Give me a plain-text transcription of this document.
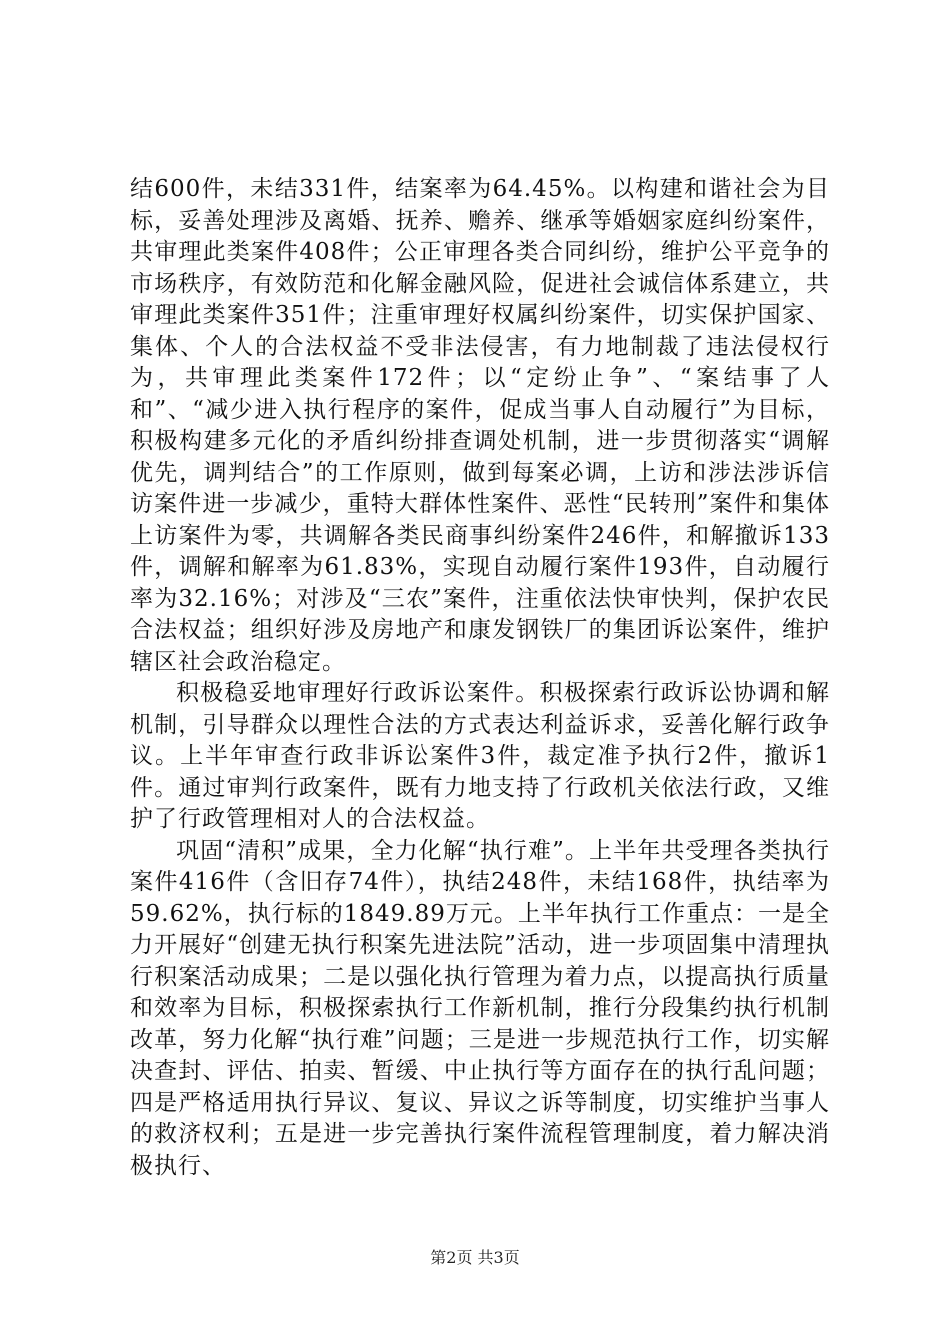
结600件，未结331件，结案率为64.45%。以构建和谐社会为目标，妥善处理涉及离婚、抚养、赡养、继承等婚姻家庭纠纷案件，共审理此类案件408件；公正审理各类合同纠纷，维护公平竞争的市场秩序，有效防范和化解金融风险，促进社会诚信体系建立，共审理此类案件351件；注重审理好权属纠纷案件，切实保护国家、集体、个人的合法权益不受非法侵害，有力地制裁了违法侵权行为，共审理此类案件172件；以“定纷止争”、“案结事了人和”、“减少进入执行程序的案件，促成当事人自动履行”为目标，积极构建多元化的矛盾纠纷排查调处机制，进一步贯彻落实“调解优先，调判结合”的工作原则，做到每案必调，上访和涉法涉诉信访案件进一步减少，重特大群体性案件、恶性“民转刑”案件和集体上访案件为零，共调解各类民商事纠纷案件246件，和解撤诉133件，调解和解率为61.83%，实现自动履行案件193件，自动履行率为32.16%；对涉及“三农”案件，注重依法快审快判，保护农民合法权益；组织好涉及房地产和康发钢铁厂的集团诉讼案件，维护辖区社会政治稳定。

积极稳妥地审理好行政诉讼案件。积极探索行政诉讼协调和解机制，引导群众以理性合法的方式表达利益诉求，妥善化解行政争议。上半年审查行政非诉讼案件3件，裁定准予执行2件，撤诉1件。通过审判行政案件，既有力地支持了行政机关依法行政，又维护了行政管理相对人的合法权益。

巩固“清积”成果，全力化解“执行难”。上半年共受理各类执行案件416件（含旧存74件），执结248件，未结168件，执结率为59.62%，执行标的1849.89万元。上半年执行工作重点：一是全力开展好“创建无执行积案先进法院”活动，进一步项固集中清理执行积案活动成果；二是以强化执行管理为着力点，以提高执行质量和效率为目标，积极探索执行工作新机制，推行分段集约执行机制改革，努力化解“执行难”问题；三是进一步规范执行工作，切实解决查封、评估、拍卖、暂缓、中止执行等方面存在的执行乱问题；四是严格适用执行异议、复议、异议之诉等制度，切实维护当事人的救济权利；五是进一步完善执行案件流程管理制度，着力解决消极执行、

第2页 共3页
